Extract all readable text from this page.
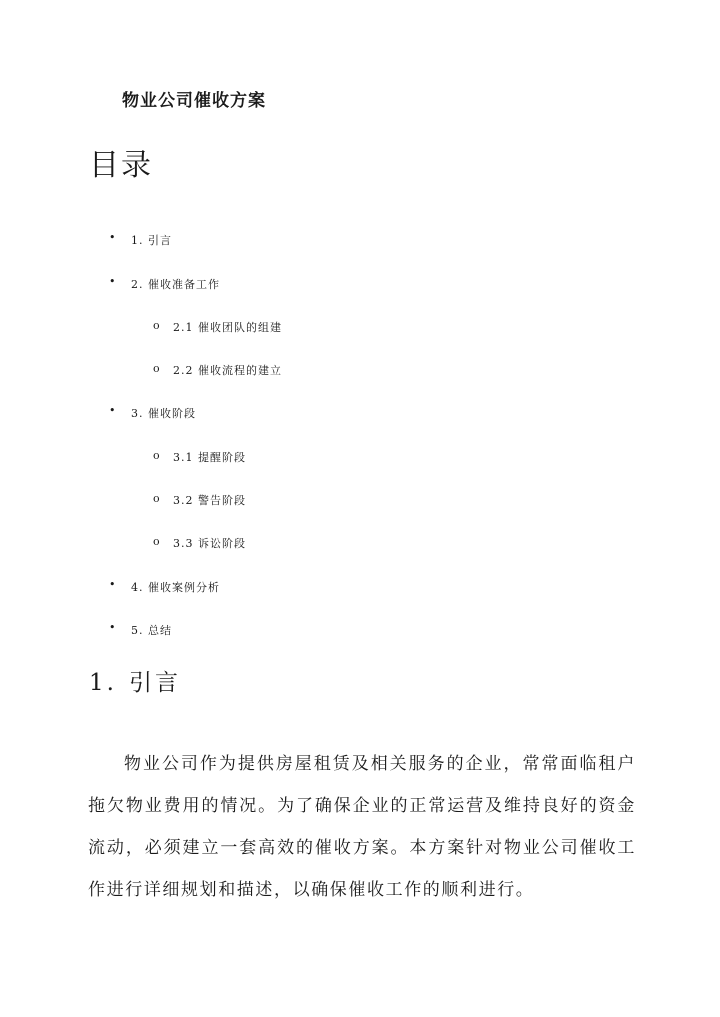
物业公司催收方案
目录
• 1. 引言
• 2. 催收准备工作
o 2.1 催收团队的组建
o 2.2 催收流程的建立
• 3. 催收阶段
o 3.1 提醒阶段
o 3.2 警告阶段
o 3.3 诉讼阶段
• 4. 催收案例分析
• 5. 总结
1. 引言

物业公司作为提供房屋租赁及相关服务的企业，常常面临租户拖欠物业费用的情况。为了确保企业的正常运营及维持良好的资金流动，必须建立一套高效的催收方案。本方案针对物业公司催收工作进行详细规划和描述，以确保催收工作的顺利进行。
